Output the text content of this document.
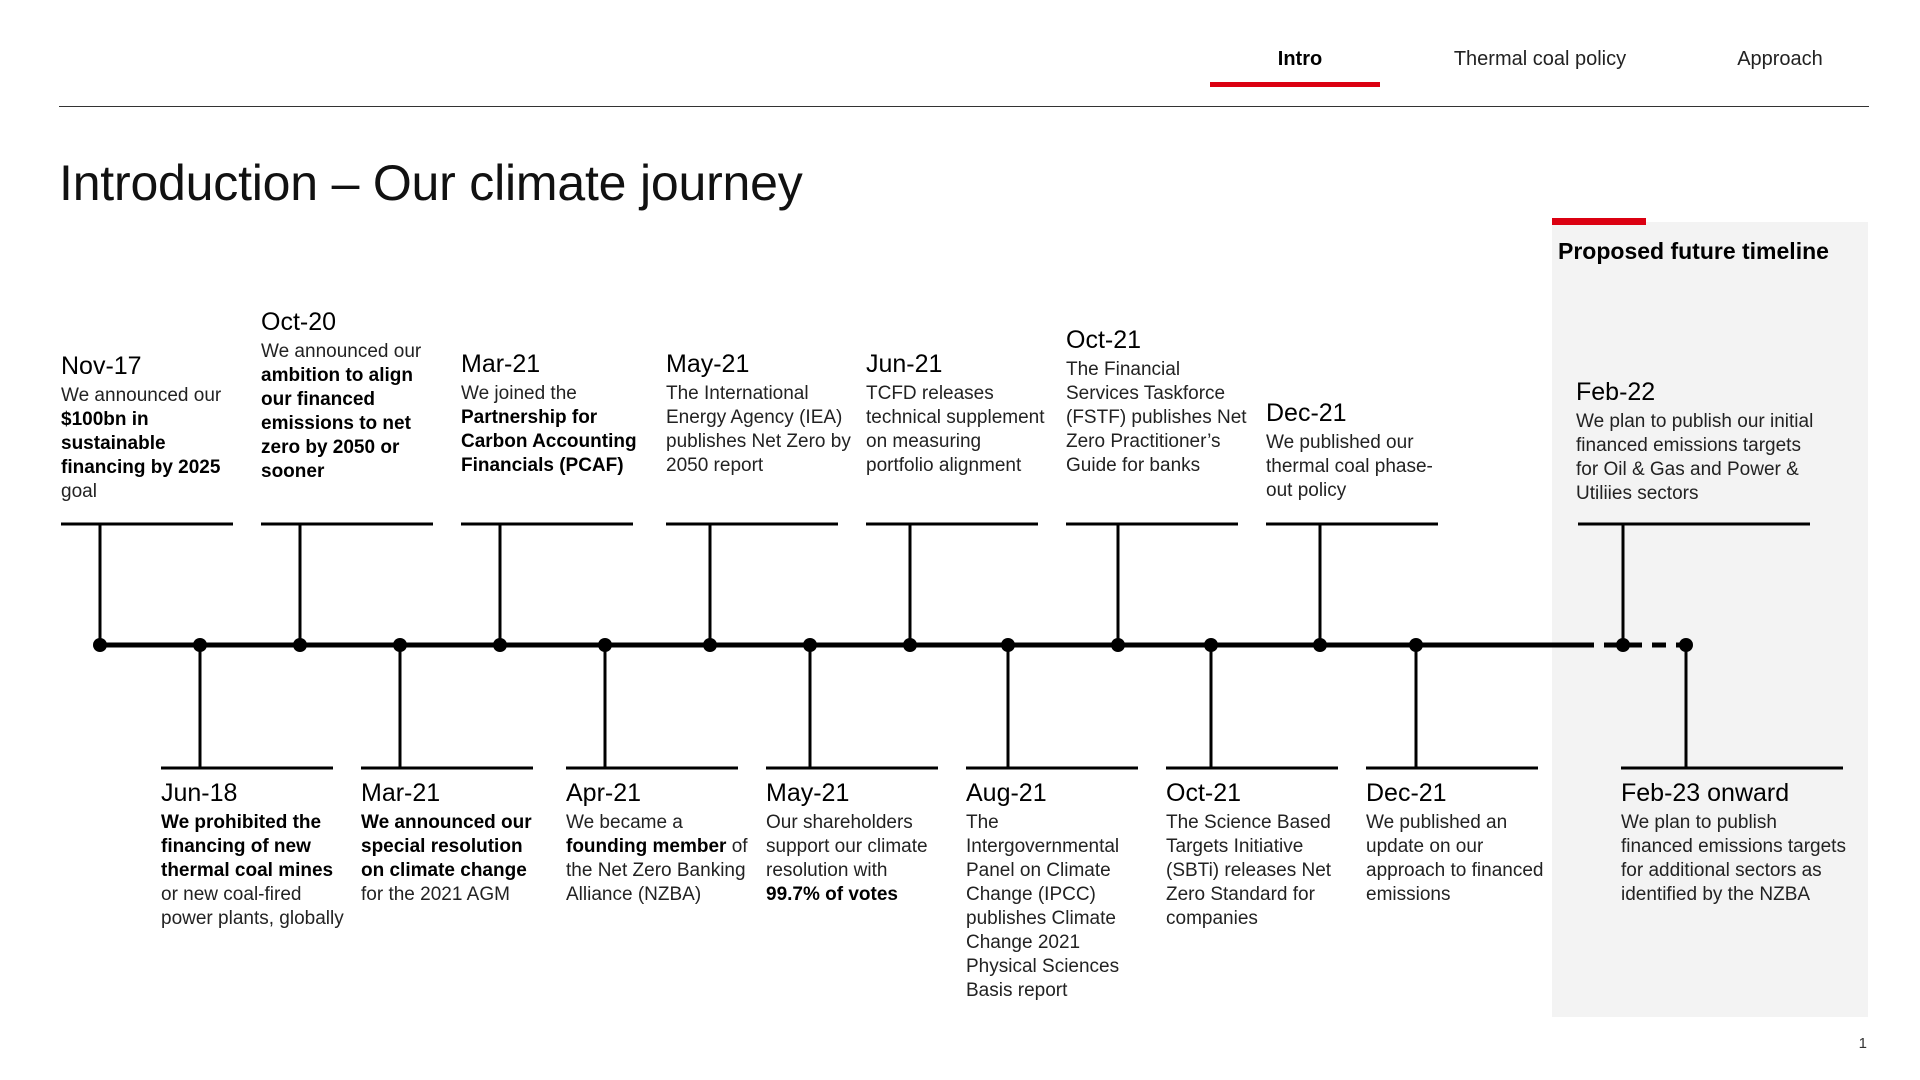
Intro	Thermal coal policy	Approach
Introduction – Our climate journey
Proposed future timeline
Nov-17
We announced our $100bn in sustainable financing by 2025 goal
Oct-20
We announced our ambition to align our financed emissions to net zero by 2050 or sooner
Mar-21
We joined the Partnership for Carbon Accounting Financials (PCAF)
May-21
The International Energy Agency (IEA) publishes Net Zero by 2050 report
Jun-21
TCFD releases technical supplement on measuring portfolio alignment
Oct-21
The Financial Services Taskforce (FSTF) publishes Net Zero Practitioner’s Guide for banks
Dec-21
We published our thermal coal phase-out policy
Feb-22
We plan to publish our initial financed emissions targets for Oil & Gas and Power & Utiliies sectors
Jun-18
We prohibited the financing of new thermal coal mines or new coal-fired power plants, globally
Mar-21
We announced our special resolution on climate change for the 2021 AGM
Apr-21
We became a founding member of the Net Zero Banking Alliance (NZBA)
May-21
Our shareholders support our climate resolution with 99.7% of votes
Aug-21
The Intergovernmental Panel on Climate Change (IPCC) publishes Climate Change 2021 Physical Sciences Basis report
Oct-21
The Science Based Targets Initiative (SBTi) releases Net Zero Standard for companies
Dec-21
We published an update on our approach to financed emissions
Feb-23 onward
We plan to publish financed emissions targets for additional sectors as identified by the NZBA
1
